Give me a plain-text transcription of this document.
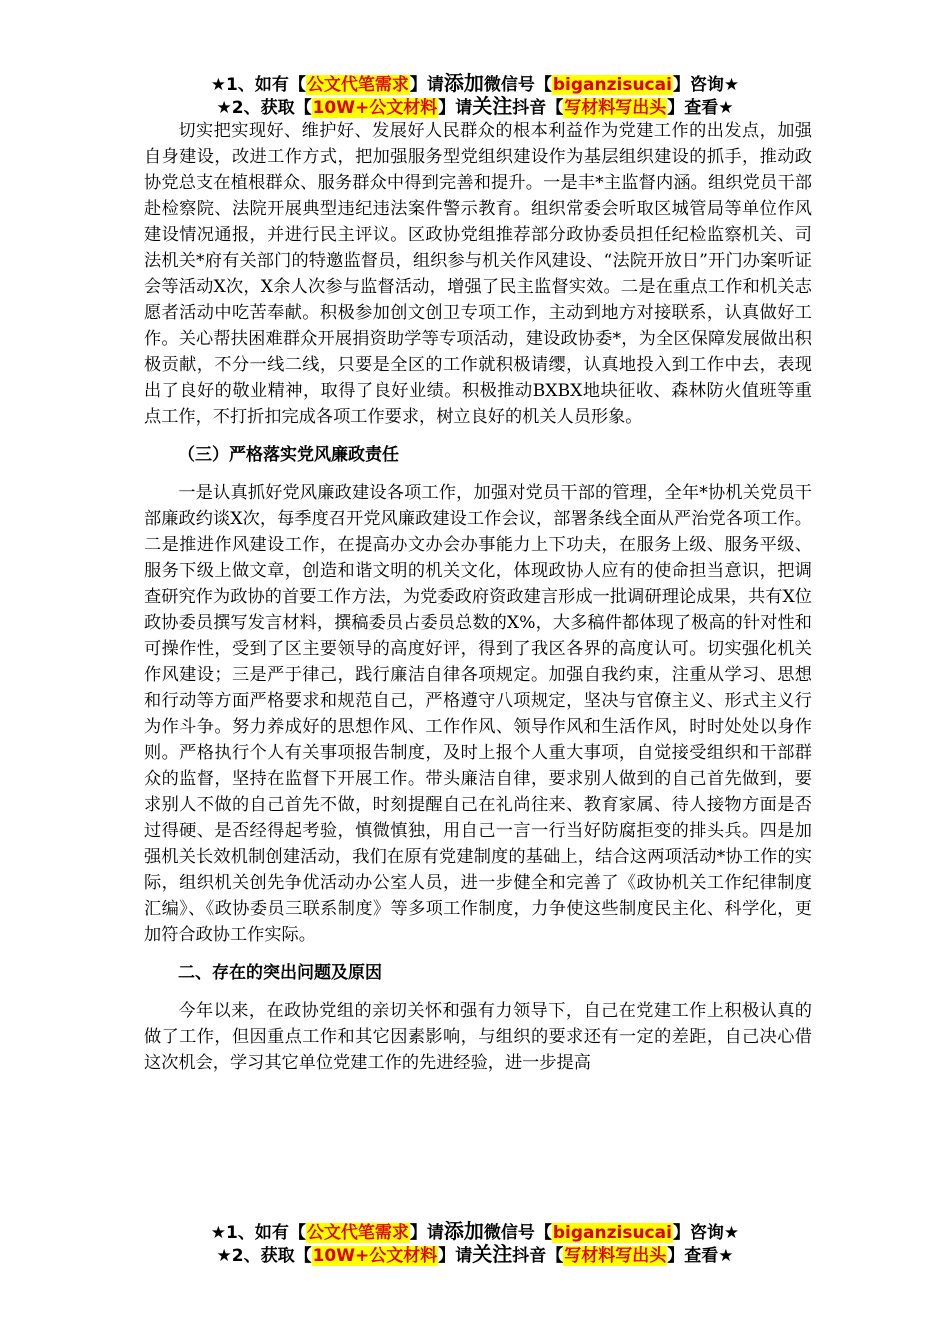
★1、如有【公文代笔需求】请添加微信号【biganzisucai】咨询★
★2、获取【10W+公文材料】请关注抖音【写材料写出头】查看★

切实把实现好、维护好、发展好人民群众的根本利益作为党建工作的出发点，加强自身建设，改进工作方式，把加强服务型党组织建设作为基层组织建设的抓手，推动政协党总支在植根群众、服务群众中得到完善和提升。一是丰*主监督内涵。组织党员干部赴检察院、法院开展典型违纪违法案件警示教育。组织常委会听取区城管局等单位作风建设情况通报，并进行民主评议。区政协党组推荐部分政协委员担任纪检监察机关、司法机关*府有关部门的特邀监督员，组织参与机关作风建设、“法院开放日”开门办案听证会等活动X次，X余人次参与监督活动，增强了民主监督实效。二是在重点工作和机关志愿者活动中吃苦奉献。积极参加创文创卫专项工作，主动到地方对接联系，认真做好工作。关心帮扶困难群众开展捐资助学等专项活动，建设政协委*，为全区保障发展做出积极贡献，不分一线二线，只要是全区的工作就积极请缨，认真地投入到工作中去，表现出了良好的敬业精神，取得了良好业绩。积极推动BXBX地块征收、森林防火值班等重点工作，不打折扣完成各项工作要求，树立良好的机关人员形象。

（三）严格落实党风廉政责任

一是认真抓好党风廉政建设各项工作，加强对党员干部的管理，全年*协机关党员干部廉政约谈X次，每季度召开党风廉政建设工作会议，部署条线全面从严治党各项工作。二是推进作风建设工作，在提高办文办会办事能力上下功夫，在服务上级、服务平级、服务下级上做文章，创造和谐文明的机关文化，体现政协人应有的使命担当意识，把调查研究作为政协的首要工作方法，为党委政府资政建言形成一批调研理论成果，共有X位政协委员撰写发言材料，撰稿委员占委员总数的X%，大多稿件都体现了极高的针对性和可操作性，受到了区主要领导的高度好评，得到了我区各界的高度认可。切实强化机关作风建设；三是严于律己，践行廉洁自律各项规定。加强自我约束，注重从学习、思想和行动等方面严格要求和规范自己，严格遵守八项规定，坚决与官僚主义、形式主义行为作斗争。努力养成好的思想作风、工作作风、领导作风和生活作风，时时处处以身作则。严格执行个人有关事项报告制度，及时上报个人重大事项，自觉接受组织和干部群众的监督，坚持在监督下开展工作。带头廉洁自律，要求别人做到的自己首先做到，要求别人不做的自己首先不做，时刻提醒自己在礼尚往来、教育家属、待人接物方面是否过得硬、是否经得起考验，慎微慎独，用自己一言一行当好防腐拒变的排头兵。四是加强机关长效机制创建活动，我们在原有党建制度的基础上，结合这两项活动*协工作的实际，组织机关创先争优活动办公室人员，进一步健全和完善了《政协机关工作纪律制度汇编》、《政协委员三联系制度》等多项工作制度，力争使这些制度民主化、科学化，更加符合政协工作实际。

二、存在的突出问题及原因

今年以来，在政协党组的亲切关怀和强有力领导下，自己在党建工作上积极认真的做了工作，但因重点工作和其它因素影响，与组织的要求还有一定的差距，自己决心借这次机会，学习其它单位党建工作的先进经验，进一步提高

★1、如有【公文代笔需求】请添加微信号【biganzisucai】咨询★
★2、获取【10W+公文材料】请关注抖音【写材料写出头】查看★
